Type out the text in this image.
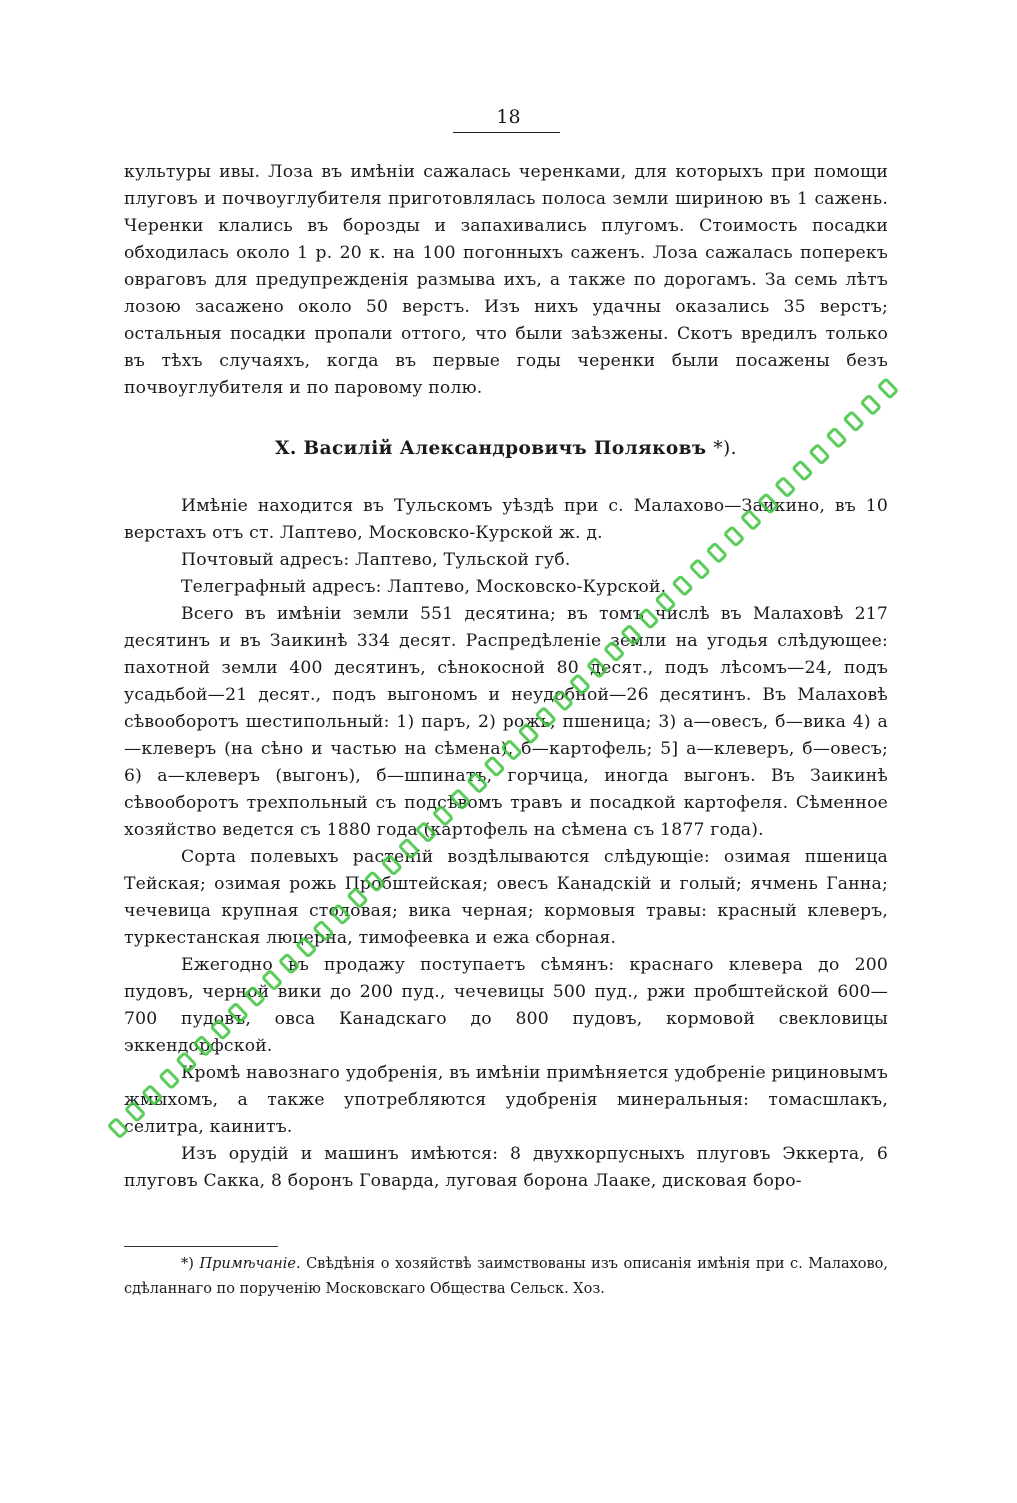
18

культуры ивы. Лоза въ имѣніи сажалась черенками, для которыхъ при помощи плуговъ и почвоуглубителя приготовлялась полоса земли шириною въ 1 сажень. Черенки клались въ борозды и запахивались плугомъ. Стоимость посадки обходилась около 1 р. 20 к. на 100 погонныхъ саженъ. Лоза сажалась поперекъ овраговъ для предупрежденія размыва ихъ, а также по дорогамъ. За семь лѣтъ лозою засажено около 50 верстъ. Изъ нихъ удачны оказались 35 верстъ; остальныя посадки пропали оттого, что были заѣзжены. Скотъ вредилъ только въ тѣхъ случаяхъ, когда въ первые годы черенки были посажены безъ почвоуглубителя и по паровому полю.

X. Василій Александровичъ Поляковъ *).

Имѣніе находится въ Тульскомъ уѣздѣ при с. Малахово—Заикино, въ 10 верстахъ отъ ст. Лаптево, Московско-Курской ж. д.

Почтовый адресъ: Лаптево, Тульской губ.

Телеграфный адресъ: Лаптево, Московско-Курской.

Всего въ имѣніи земли 551 десятина; въ томъ числѣ въ Малаховѣ 217 десятинъ и въ Заикинѣ 334 десят. Распредѣленіе земли на угодья слѣдующее: пахотной земли 400 десятинъ, сѣнокосной 80 десят., подъ лѣсомъ—24, подъ усадьбой—21 десят., подъ выгономъ и неудобной—26 десятинъ. Въ Малаховѣ сѣвооборотъ шестипольный: 1) паръ, 2) рожь, пшеница; 3) а—овесъ, б—вика 4) а—клеверъ (на сѣно и частью на сѣмена), б—картофель; 5] а—клеверъ, б—овесъ; 6) а—клеверъ (выгонъ), б—шпинатъ, горчица, иногда выгонъ. Въ Заикинѣ сѣвооборотъ трехпольный съ подсѣвомъ травъ и посадкой картофеля. Сѣменное хозяйство ведется съ 1880 года (картофель на сѣмена съ 1877 года).

Сорта полевыхъ растеній воздѣлываются слѣдующіе: озимая пшеница Тейская; озимая рожь Пробштейская; овесъ Канадскій и голый; ячмень Ганна; чечевица крупная столовая; вика черная; кормовыя травы: красный клеверъ, туркестанская люцерна, тимофеевка и ежа сборная.

Ежегодно въ продажу поступаетъ сѣмянъ: краснаго клевера до 200 пудовъ, черной вики до 200 пуд., чечевицы 500 пуд., ржи пробштейской 600—700 пудовъ, овса Канадскаго до 800 пудовъ, кормовой свекловицы эккендорфской.

Кромѣ навознаго удобренія, въ имѣніи примѣняется удобреніе рициновымъ жмыхомъ, а также употребляются удобренія минеральныя: томасшлакъ, селитра, каинитъ.

Изъ орудій и машинъ имѣются: 8 двухкорпусныхъ плуговъ Эккерта, 6 плуговъ Сакка, 8 боронъ Говарда, луговая борона Лааке, дисковая боро-

*) Примѣчаніе. Свѣдѣнія о хозяйствѣ заимствованы изъ описанія имѣнія при с. Малахово, сдѣланнаго по порученію Московскаго Общества Сельск. Хоз.
